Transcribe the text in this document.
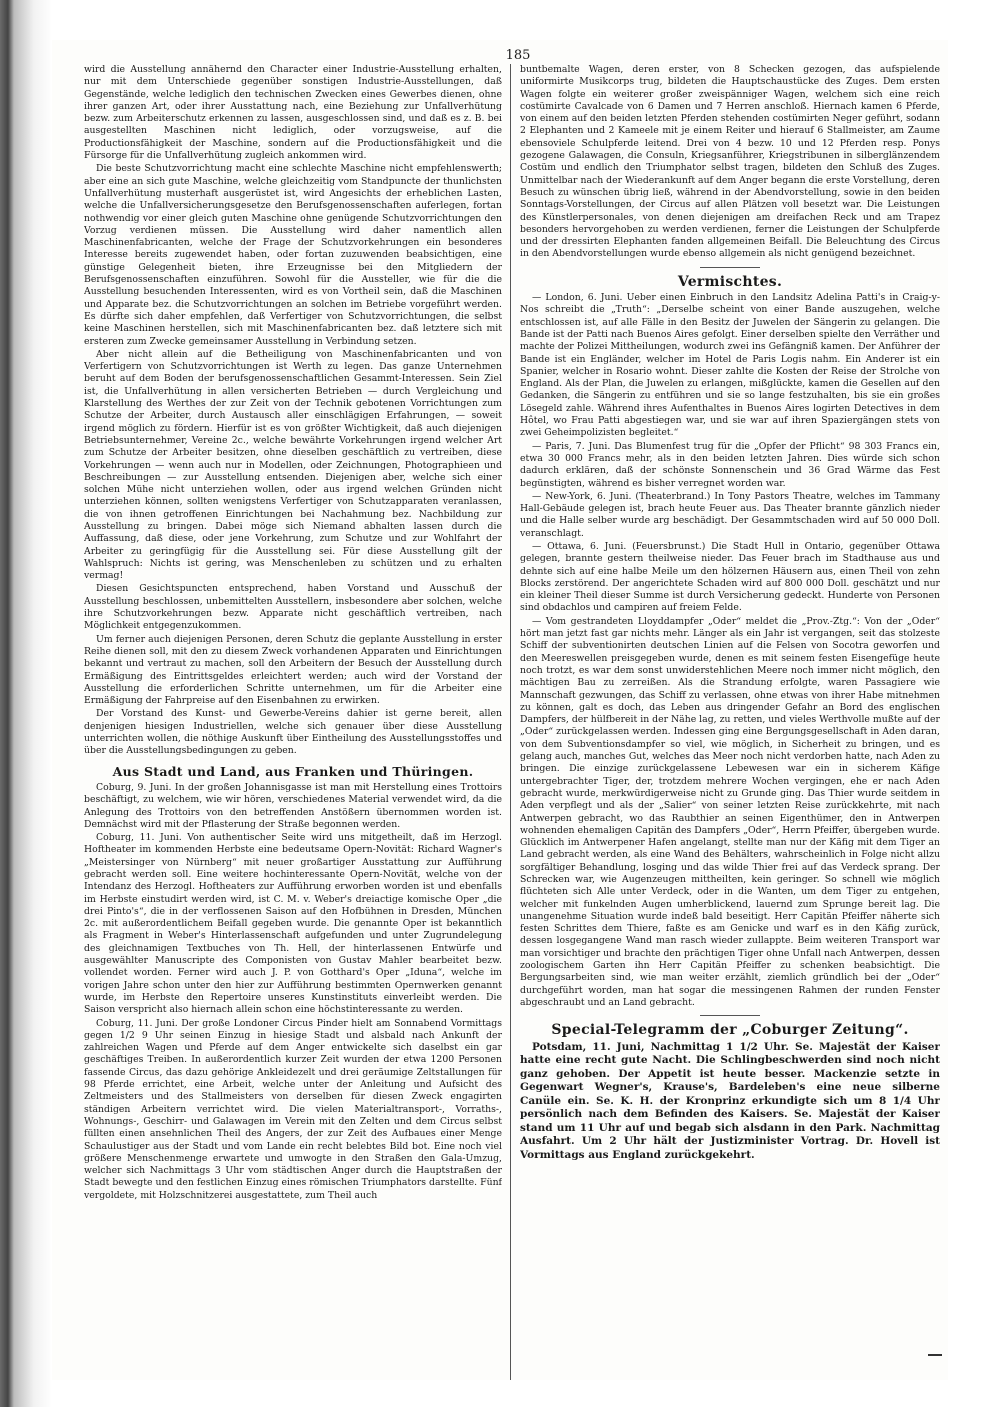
185

wird die Ausstellung annähernd den Character einer Industrie-Ausstellung erhalten, nur mit dem Unterschiede gegenüber sonstigen Industrie-Ausstellungen, daß Gegenstände, welche lediglich den technischen Zwecken eines Gewerbes dienen, ohne ihrer ganzen Art, oder ihrer Ausstattung nach, eine Beziehung zur Unfallverhütung bezw. zum Arbeiterschutz erkennen zu lassen, ausgeschlossen sind, und daß es z. B. bei ausgestellten Maschinen nicht lediglich, oder vorzugsweise, auf die Productionsfähigkeit der Maschine, sondern auf die Productionsfähigkeit und die Fürsorge für die Unfallverhütung zugleich ankommen wird.

Die beste Schutzvorrichtung macht eine schlechte Maschine nicht empfehlenswerth; aber eine an sich gute Maschine, welche gleichzeitig vom Standpuncte der thunlichsten Unfallverhütung musterhaft ausgerüstet ist, wird Angesichts der erheblichen Lasten, welche die Unfallversicherungsgesetze den Berufsgenossenschaften auferlegen, fortan nothwendig vor einer gleich guten Maschine ohne genügende Schutzvorrichtungen den Vorzug verdienen müssen. Die Ausstellung wird daher namentlich allen Maschinenfabricanten, welche der Frage der Schutzvorkehrungen ein besonderes Interesse bereits zugewendet haben, oder fortan zuzuwenden beabsichtigen, eine günstige Gelegenheit bieten, ihre Erzeugnisse bei den Mitgliedern der Berufsgenossenschaften einzuführen. Sowohl für die Aussteller, wie für die die Ausstellung besuchenden Interessenten, wird es von Vortheil sein, daß die Maschinen und Apparate bez. die Schutzvorrichtungen an solchen im Betriebe vorgeführt werden. Es dürfte sich daher empfehlen, daß Verfertiger von Schutzvorrichtungen, die selbst keine Maschinen herstellen, sich mit Maschinenfabricanten bez. daß letztere sich mit ersteren zum Zwecke gemeinsamer Ausstellung in Verbindung setzen.

Aber nicht allein auf die Betheiligung von Maschinenfabricanten und von Verfertigern von Schutzvorrichtungen ist Werth zu legen. Das ganze Unternehmen beruht auf dem Boden der berufsgenossenschaftlichen Gesammt-Interessen. Sein Ziel ist, die Unfallverhütung in allen versicherten Betrieben — durch Vergleichung und Klarstellung des Werthes der zur Zeit von der Technik gebotenen Vorrichtungen zum Schutze der Arbeiter, durch Austausch aller einschlägigen Erfahrungen, — soweit irgend möglich zu fördern. Hierfür ist es von größter Wichtigkeit, daß auch diejenigen Betriebsunternehmer, Vereine 2c., welche bewährte Vorkehrungen irgend welcher Art zum Schutze der Arbeiter besitzen, ohne dieselben geschäftlich zu vertreiben, diese Vorkehrungen — wenn auch nur in Modellen, oder Zeichnungen, Photographieen und Beschreibungen — zur Ausstellung entsenden. Diejenigen aber, welche sich einer solchen Mühe nicht unterziehen wollen, oder aus irgend welchen Gründen nicht unterziehen können, sollten wenigstens Verfertiger von Schutzapparaten veranlassen, die von ihnen getroffenen Einrichtungen bei Nachahmung bez. Nachbildung zur Ausstellung zu bringen. Dabei möge sich Niemand abhalten lassen durch die Auffassung, daß diese, oder jene Vorkehrung, zum Schutze und zur Wohlfahrt der Arbeiter zu geringfügig für die Ausstellung sei. Für diese Ausstellung gilt der Wahlspruch: Nichts ist gering, was Menschenleben zu schützen und zu erhalten vermag!

Diesen Gesichtspuncten entsprechend, haben Vorstand und Ausschuß der Ausstellung beschlossen, unbemittelten Ausstellern, insbesondere aber solchen, welche ihre Schutzvorkehrungen bezw. Apparate nicht geschäftlich vertreiben, nach Möglichkeit entgegenzukommen.

Um ferner auch diejenigen Personen, deren Schutz die geplante Ausstellung in erster Reihe dienen soll, mit den zu diesem Zweck vorhandenen Apparaten und Einrichtungen bekannt und vertraut zu machen, soll den Arbeitern der Besuch der Ausstellung durch Ermäßigung des Eintrittsgeldes erleichtert werden; auch wird der Vorstand der Ausstellung die erforderlichen Schritte unternehmen, um für die Arbeiter eine Ermäßigung der Fahrpreise auf den Eisenbahnen zu erwirken.

Der Vorstand des Kunst- und Gewerbe-Vereins dahier ist gerne bereit, allen denjenigen hiesigen Industriellen, welche sich genauer über diese Ausstellung unterrichten wollen, die nöthige Auskunft über Eintheilung des Ausstellungsstoffes und über die Ausstellungsbedingungen zu geben.

Aus Stadt und Land, aus Franken und Thüringen.

Coburg, 9. Juni. In der großen Johannisgasse ist man mit Herstellung eines Trottoirs beschäftigt, zu welchem, wie wir hören, verschiedenes Material verwendet wird, da die Anlegung des Trottoirs von den betreffenden Anstößern übernommen worden ist. Demnächst wird mit der Pflasterung der Straße begonnen werden.

Coburg, 11. Juni. Von authentischer Seite wird uns mitgetheilt, daß im Herzogl. Hoftheater im kommenden Herbste eine bedeutsame Opern-Novität: Richard Wagner's „Meistersinger von Nürnberg“ mit neuer großartiger Ausstattung zur Aufführung gebracht werden soll. Eine weitere hochinteressante Opern-Novität, welche von der Intendanz des Herzogl. Hoftheaters zur Aufführung erworben worden ist und ebenfalls im Herbste einstudirt werden wird, ist C. M. v. Weber's dreiactige komische Oper „die drei Pinto's“, die in der verflossenen Saison auf den Hofbühnen in Dresden, München 2c. mit außerordentlichem Beifall gegeben wurde. Die genannte Oper ist bekanntlich als Fragment in Weber's Hinterlassenschaft aufgefunden und unter Zugrundelegung des gleichnamigen Textbuches von Th. Hell, der hinterlassenen Entwürfe und ausgewählter Manuscripte des Componisten von Gustav Mahler bearbeitet bezw. vollendet worden. Ferner wird auch J. P. von Gotthard's Oper „Iduna“, welche im vorigen Jahre schon unter den hier zur Aufführung bestimmten Opernwerken genannt wurde, im Herbste den Repertoire unseres Kunstinstituts einverleibt werden. Die Saison verspricht also hiernach allein schon eine höchstinteressante zu werden.

Coburg, 11. Juni. Der große Londoner Circus Pinder hielt am Sonnabend Vormittags gegen 1/2 9 Uhr seinen Einzug in hiesige Stadt und alsbald nach Ankunft der zahlreichen Wagen und Pferde auf dem Anger entwickelte sich daselbst ein gar geschäftiges Treiben. In außerordentlich kurzer Zeit wurden der etwa 1200 Personen fassende Circus, das dazu gehörige Ankleidezelt und drei geräumige Zeltstallungen für 98 Pferde errichtet, eine Arbeit, welche unter der Anleitung und Aufsicht des Zeltmeisters und des Stallmeisters von derselben für diesen Zweck engagirten ständigen Arbeitern verrichtet wird. Die vielen Materialtransport-, Vorraths-, Wohnungs-, Geschirr- und Galawagen im Verein mit den Zelten und dem Circus selbst füllten einen ansehnlichen Theil des Angers, der zur Zeit des Aufbaues einer Menge Schaulustiger aus der Stadt und vom Lande ein recht belebtes Bild bot. Eine noch viel größere Menschenmenge erwartete und umwogte in den Straßen den Gala-Umzug, welcher sich Nachmittags 3 Uhr vom städtischen Anger durch die Hauptstraßen der Stadt bewegte und den festlichen Einzug eines römischen Triumphators darstellte. Fünf vergoldete, mit Holzschnitzerei ausgestattete, zum Theil auch

buntbemalte Wagen, deren erster, von 8 Schecken gezogen, das aufspielende uniformirte Musikcorps trug, bildeten die Hauptschaustücke des Zuges. Dem ersten Wagen folgte ein weiterer großer zweispänniger Wagen, welchem sich eine reich costümirte Cavalcade von 6 Damen und 7 Herren anschloß. Hiernach kamen 6 Pferde, von einem auf den beiden letzten Pferden stehenden costümirten Neger geführt, sodann 2 Elephanten und 2 Kameele mit je einem Reiter und hierauf 6 Stallmeister, am Zaume ebensoviele Schulpferde leitend. Drei von 4 bezw. 10 und 12 Pferden resp. Ponys gezogene Galawagen, die Consuln, Kriegsanführer, Kriegstribunen in silberglänzendem Costüm und endlich den Triumphator selbst tragen, bildeten den Schluß des Zuges. Unmittelbar nach der Wiederankunft auf dem Anger begann die erste Vorstellung, deren Besuch zu wünschen übrig ließ, während in der Abendvorstellung, sowie in den beiden Sonntags-Vorstellungen, der Circus auf allen Plätzen voll besetzt war. Die Leistungen des Künstlerpersonales, von denen diejenigen am dreifachen Reck und am Trapez besonders hervorgehoben zu werden verdienen, ferner die Leistungen der Schulpferde und der dressirten Elephanten fanden allgemeinen Beifall. Die Beleuchtung des Circus in den Abendvorstellungen wurde ebenso allgemein als nicht genügend bezeichnet.

Vermischtes.

— London, 6. Juni. Ueber einen Einbruch in den Landsitz Adelina Patti's in Craig-y-Nos schreibt die „Truth“: „Derselbe scheint von einer Bande auszugehen, welche entschlossen ist, auf alle Fälle in den Besitz der Juwelen der Sängerin zu gelangen. Die Bande ist der Patti nach Buenos Aires gefolgt. Einer derselben spielte den Verräther und machte der Polizei Mittheilungen, wodurch zwei ins Gefängniß kamen. Der Anführer der Bande ist ein Engländer, welcher im Hotel de Paris Logis nahm. Ein Anderer ist ein Spanier, welcher in Rosario wohnt. Dieser zahlte die Kosten der Reise der Strolche von England. Als der Plan, die Juwelen zu erlangen, mißglückte, kamen die Gesellen auf den Gedanken, die Sängerin zu entführen und sie so lange festzuhalten, bis sie ein großes Lösegeld zahle. Während ihres Aufenthaltes in Buenos Aires logirten Detectives in dem Hôtel, wo Frau Patti abgestiegen war, und sie war auf ihren Spaziergängen stets von zwei Geheimpolizisten begleitet.“

— Paris, 7. Juni. Das Blumenfest trug für die „Opfer der Pflicht“ 98 303 Francs ein, etwa 30 000 Francs mehr, als in den beiden letzten Jahren. Dies würde sich schon dadurch erklären, daß der schönste Sonnenschein und 36 Grad Wärme das Fest begünstigten, während es bisher verregnet worden war.

— New-York, 6. Juni. (Theaterbrand.) In Tony Pastors Theatre, welches im Tammany Hall-Gebäude gelegen ist, brach heute Feuer aus. Das Theater brannte gänzlich nieder und die Halle selber wurde arg beschädigt. Der Gesammtschaden wird auf 50 000 Doll. veranschlagt.

— Ottawa, 6. Juni. (Feuersbrunst.) Die Stadt Hull in Ontario, gegenüber Ottawa gelegen, brannte gestern theilweise nieder. Das Feuer brach im Stadthause aus und dehnte sich auf eine halbe Meile um den hölzernen Häusern aus, einen Theil von zehn Blocks zerstörend. Der angerichtete Schaden wird auf 800 000 Doll. geschätzt und nur ein kleiner Theil dieser Summe ist durch Versicherung gedeckt. Hunderte von Personen sind obdachlos und campiren auf freiem Felde.

— Vom gestrandeten Lloyddampfer „Oder“ meldet die „Prov.-Ztg.“: Von der „Oder“ hört man jetzt fast gar nichts mehr. Länger als ein Jahr ist vergangen, seit das stolzeste Schiff der subventionirten deutschen Linien auf die Felsen von Socotra geworfen und den Meereswellen preisgegeben wurde, denen es mit seinem festen Eisengefüge heute noch trotzt, es war dem sonst unwiderstehlichen Meere noch immer nicht möglich, den mächtigen Bau zu zerreißen. Als die Strandung erfolgte, waren Passagiere wie Mannschaft gezwungen, das Schiff zu verlassen, ohne etwas von ihrer Habe mitnehmen zu können, galt es doch, das Leben aus dringender Gefahr an Bord des englischen Dampfers, der hülfbereit in der Nähe lag, zu retten, und vieles Werthvolle mußte auf der „Oder“ zurückgelassen werden. Indessen ging eine Bergungsgesellschaft in Aden daran, von dem Subventionsdampfer so viel, wie möglich, in Sicherheit zu bringen, und es gelang auch, manches Gut, welches das Meer noch nicht verdorben hatte, nach Aden zu bringen. Die einzige zurückgelassene Lebewesen war ein in sicherem Käfige untergebrachter Tiger, der, trotzdem mehrere Wochen vergingen, ehe er nach Aden gebracht wurde, merkwürdigerweise nicht zu Grunde ging. Das Thier wurde seitdem in Aden verpflegt und als der „Salier“ von seiner letzten Reise zurückkehrte, mit nach Antwerpen gebracht, wo das Raubthier an seinen Eigenthümer, den in Antwerpen wohnenden ehemaligen Capitän des Dampfers „Oder“, Herrn Pfeiffer, übergeben wurde. Glücklich im Antwerpener Hafen angelangt, stellte man nur der Käfig mit dem Tiger an Land gebracht werden, als eine Wand des Behälters, wahrscheinlich in Folge nicht allzu sorgfältiger Behandlung, losging und das wilde Thier frei auf das Verdeck sprang. Der Schrecken war, wie Augenzeugen mittheilten, kein geringer. So schnell wie möglich flüchteten sich Alle unter Verdeck, oder in die Wanten, um dem Tiger zu entgehen, welcher mit funkelnden Augen umherblickend, lauernd zum Sprunge bereit lag. Die unangenehme Situation wurde indeß bald beseitigt. Herr Capitän Pfeiffer näherte sich festen Schrittes dem Thiere, faßte es am Genicke und warf es in den Käfig zurück, dessen losgegangene Wand man rasch wieder zullappte. Beim weiteren Transport war man vorsichtiger und brachte den prächtigen Tiger ohne Unfall nach Antwerpen, dessen zoologischem Garten ihn Herr Capitän Pfeiffer zu schenken beabsichtigt. Die Bergungsarbeiten sind, wie man weiter erzählt, ziemlich gründlich bei der „Oder“ durchgeführt worden, man hat sogar die messingenen Rahmen der runden Fenster abgeschraubt und an Land gebracht.

Special-Telegramm der „Coburger Zeitung“.

Potsdam, 11. Juni, Nachmittag 1 1/2 Uhr. Se. Majestät der Kaiser hatte eine recht gute Nacht. Die Schlingbeschwerden sind noch nicht ganz gehoben. Der Appetit ist heute besser. Mackenzie setzte in Gegenwart Wegner's, Krause's, Bardeleben's eine neue silberne Canüle ein. Se. K. H. der Kronprinz erkundigte sich um 8 1/4 Uhr persönlich nach dem Befinden des Kaisers. Se. Majestät der Kaiser stand um 11 Uhr auf und begab sich alsdann in den Park. Nachmittag Ausfahrt. Um 2 Uhr hält der Justizminister Vortrag. Dr. Hovell ist Vormittags aus England zurückgekehrt.
